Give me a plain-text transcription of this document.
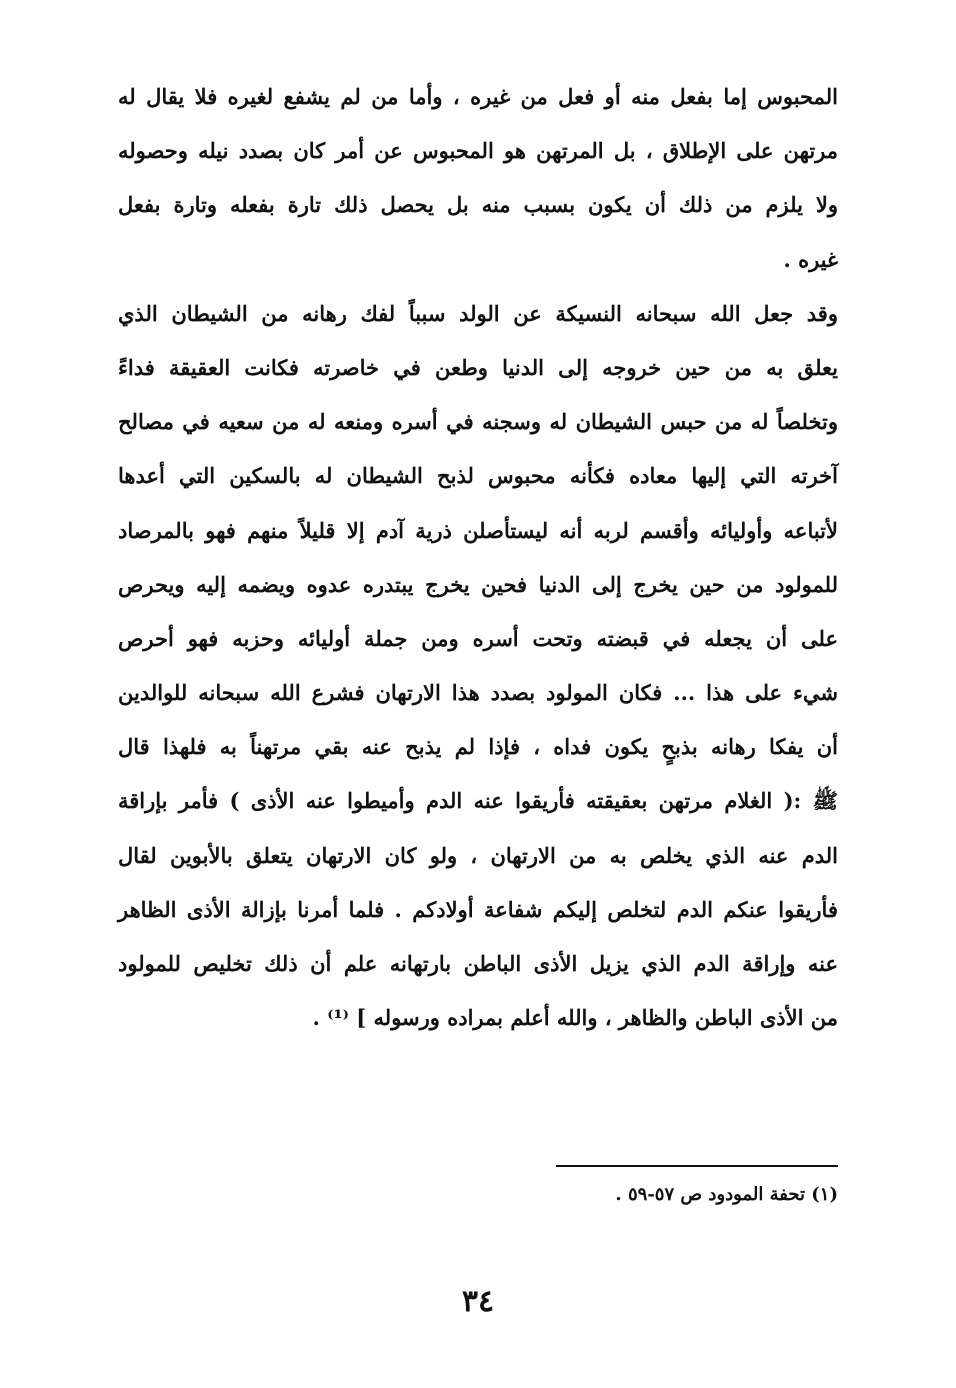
المحبوس إما بفعل منه أو فعل من غيره ، وأما من لم يشفع لغيره فلا يقال له
مرتهن على الإطلاق ، بل المرتهن هو المحبوس عن أمر كان بصدد نيله وحصوله
ولا يلزم من ذلك أن يكون بسبب منه بل يحصل ذلك تارة بفعله وتارة بفعل
غيره .
وقد جعل الله سبحانه النسيكة عن الولد سبباً لفك رهانه من الشيطان الذي
يعلق به من حين خروجه إلى الدنيا وطعن في خاصرته فكانت العقيقة فداءً
وتخلصاً له من حبس الشيطان له وسجنه في أسره ومنعه له من سعيه في مصالح
آخرته التي إليها معاده فكأنه محبوس لذبح الشيطان له بالسكين التي أعدها
لأتباعه وأوليائه وأقسم لربه أنه ليستأصلن ذرية آدم إلا قليلاً منهم فهو بالمرصاد
للمولود من حين يخرج إلى الدنيا فحين يخرج يبتدره عدوه ويضمه إليه ويحرص
على أن يجعله في قبضته وتحت أسره ومن جملة أوليائه وحزبه فهو أحرص
شيء على هذا ... فكان المولود بصدد هذا الارتهان فشرع الله سبحانه للوالدين
أن يفكا رهانه بذبحٍ يكون فداه ، فإذا لم يذبح عنه بقي مرتهناً به فلهذا قال
ﷺ :( الغلام مرتهن بعقيقته فأريقوا عنه الدم وأميطوا عنه الأذى ) فأمر بإراقة
الدم عنه الذي يخلص به من الارتهان ، ولو كان الارتهان يتعلق بالأبوين لقال
فأريقوا عنكم الدم لتخلص إليكم شفاعة أولادكم . فلما أمرنا بإزالة الأذى الظاهر
عنه وإراقة الدم الذي يزيل الأذى الباطن بارتهانه علم أن ذلك تخليص للمولود
من الأذى الباطن والظاهر ، والله أعلم بمراده ورسوله ] ⁽¹⁾ .
(١) تحفة المودود ص ٥٧-٥٩ .
٣٤
